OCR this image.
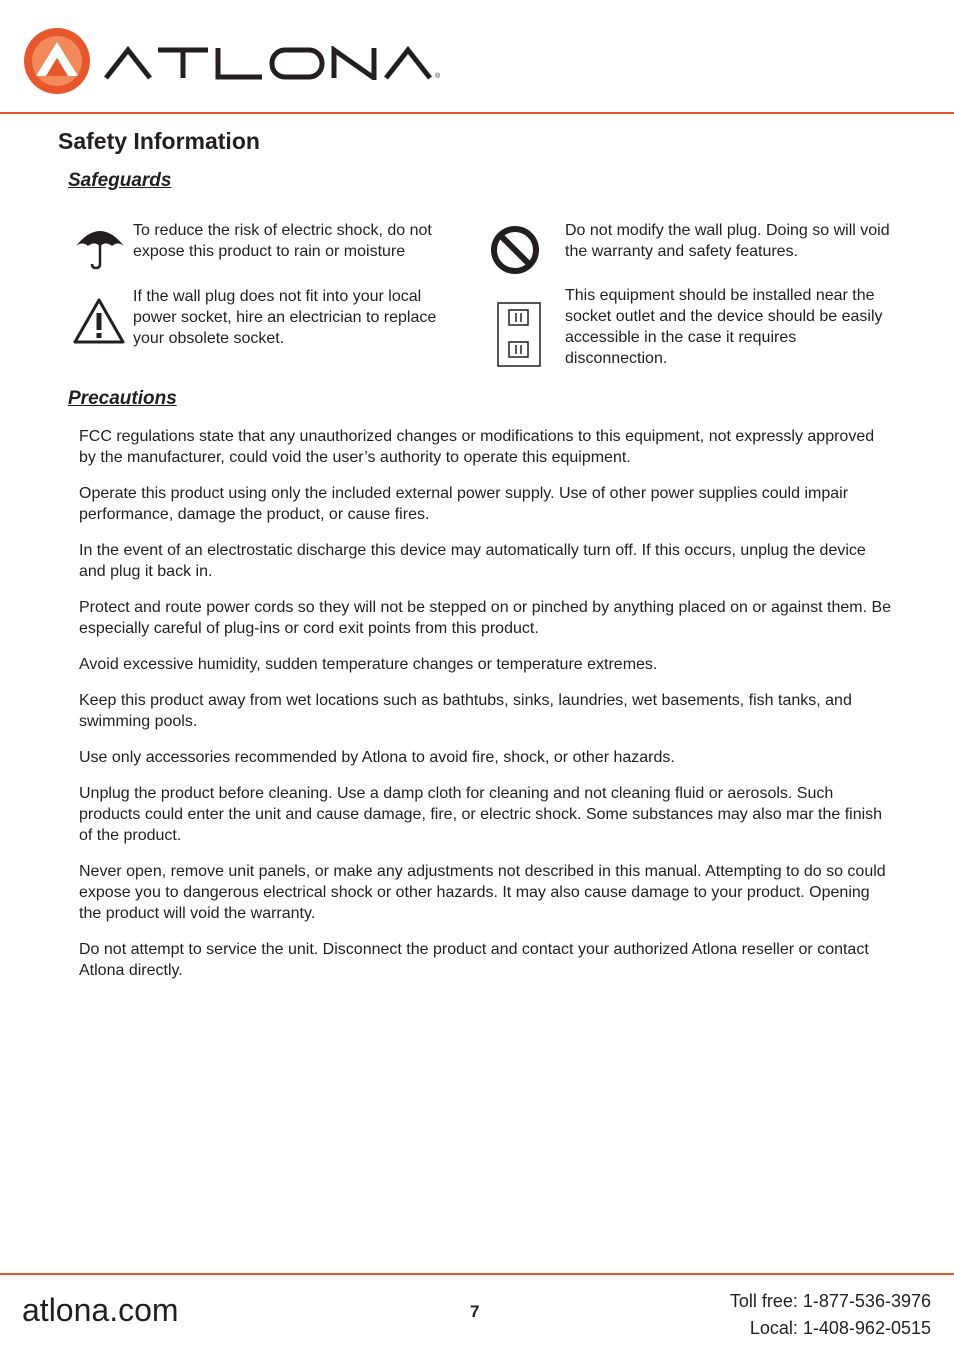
®
Safety Information
Safeguards
To reduce the risk of electric shock, do not expose this product to rain or moisture
Do not modify the wall plug. Doing so will void the warranty and safety features.
If the wall plug does not fit into your local power socket, hire an electrician to replace your obsolete socket.
This equipment should be installed near the socket outlet and the device should be easily accessible in the case it requires disconnection.
Precautions

FCC regulations state that any unauthorized changes or modifications to this equipment, not expressly approved by the manufacturer, could void the user’s authority to operate this equipment.

Operate this product using only the included external power supply. Use of other power supplies could impair performance, damage the product, or cause fires.

In the event of an electrostatic discharge this device may automatically turn off. If this occurs, unplug the device and plug it back in.

Protect and route power cords so they will not be stepped on or pinched by anything placed on or against them. Be especially careful of plug-ins or cord exit points from this product.

Avoid excessive humidity, sudden temperature changes or temperature extremes.

Keep this product away from wet locations such as bathtubs, sinks, laundries, wet basements, fish tanks, and swimming pools.

Use only accessories recommended by Atlona to avoid fire, shock, or other hazards.

Unplug the product before cleaning. Use a damp cloth for cleaning and not cleaning fluid or aerosols. Such products could enter the unit and cause damage, fire, or electric shock. Some substances may also mar the finish of the product.

Never open, remove unit panels, or make any adjustments not described in this manual. Attempting to do so could expose you to dangerous electrical shock or other hazards. It may also cause damage to your product. Opening the product will void the warranty.

Do not attempt to service the unit. Disconnect the product and contact your authorized Atlona reseller or contact Atlona directly.

atlona.com	7
Toll free: 1-877-536-3976
Local: 1-408-962-0515
